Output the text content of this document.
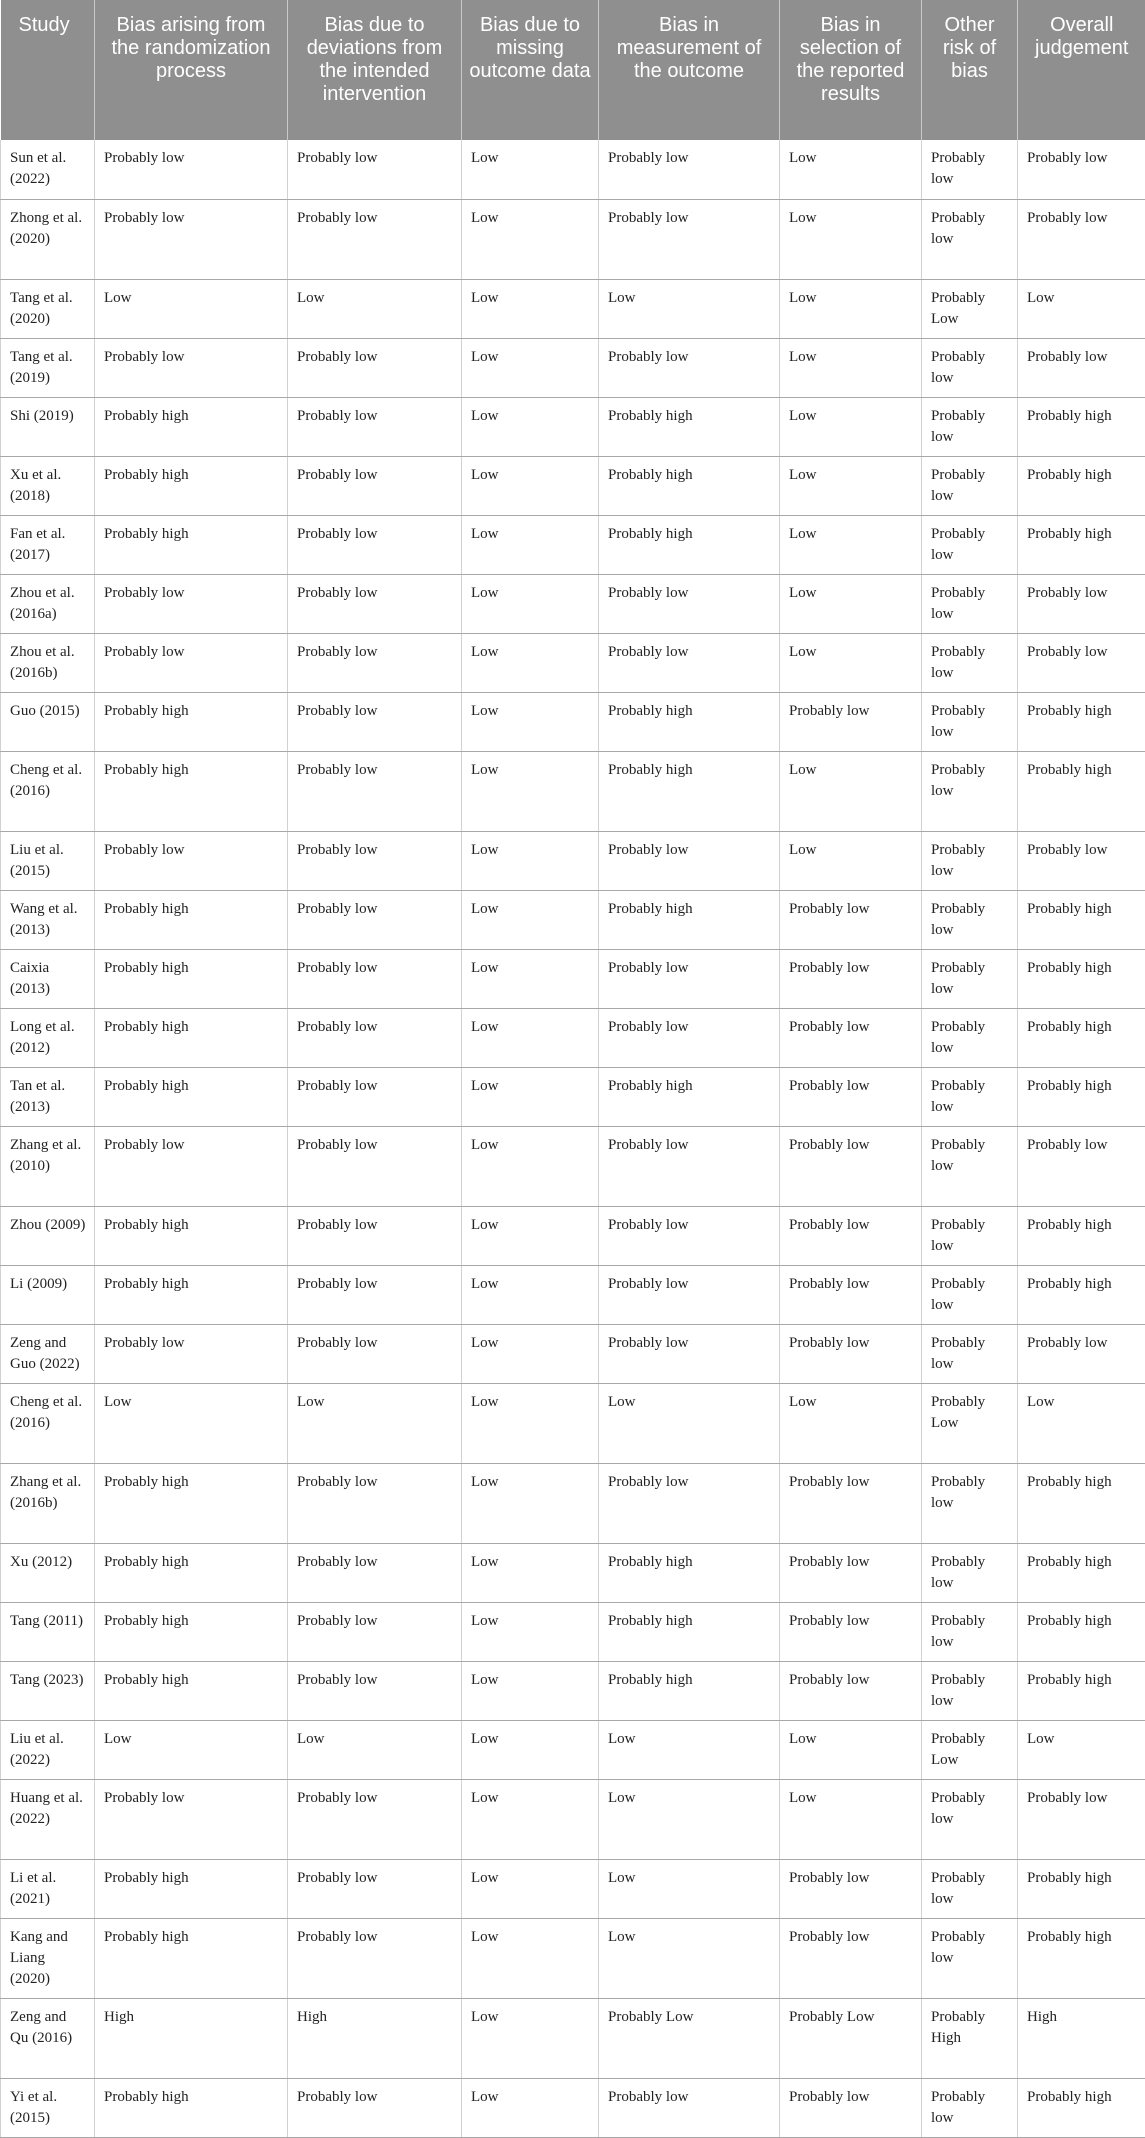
Study	Bias arising from the randomization process	Bias due to deviations from the intended intervention	Bias due to missing outcome data	Bias in measurement of the outcome	Bias in selection of the reported results	Other risk of bias	Overall judgement
Sun et al. (2022)	Probably low	Probably low	Low	Probably low	Low	Probably low	Probably low
Zhong et al. (2020)	Probably low	Probably low	Low	Probably low	Low	Probably low	Probably low
Tang et al. (2020)	Low	Low	Low	Low	Low	Probably Low	Low
Tang et al. (2019)	Probably low	Probably low	Low	Probably low	Low	Probably low	Probably low
Shi (2019)	Probably high	Probably low	Low	Probably high	Low	Probably low	Probably high
Xu et al. (2018)	Probably high	Probably low	Low	Probably high	Low	Probably low	Probably high
Fan et al. (2017)	Probably high	Probably low	Low	Probably high	Low	Probably low	Probably high
Zhou et al. (2016a)	Probably low	Probably low	Low	Probably low	Low	Probably low	Probably low
Zhou et al. (2016b)	Probably low	Probably low	Low	Probably low	Low	Probably low	Probably low
Guo (2015)	Probably high	Probably low	Low	Probably high	Probably low	Probably low	Probably high
Cheng et al. (2016)	Probably high	Probably low	Low	Probably high	Low	Probably low	Probably high
Liu et al. (2015)	Probably low	Probably low	Low	Probably low	Low	Probably low	Probably low
Wang et al. (2013)	Probably high	Probably low	Low	Probably high	Probably low	Probably low	Probably high
Caixia (2013)	Probably high	Probably low	Low	Probably low	Probably low	Probably low	Probably high
Long et al. (2012)	Probably high	Probably low	Low	Probably low	Probably low	Probably low	Probably high
Tan et al. (2013)	Probably high	Probably low	Low	Probably high	Probably low	Probably low	Probably high
Zhang et al. (2010)	Probably low	Probably low	Low	Probably low	Probably low	Probably low	Probably low
Zhou (2009)	Probably high	Probably low	Low	Probably low	Probably low	Probably low	Probably high
Li (2009)	Probably high	Probably low	Low	Probably low	Probably low	Probably low	Probably high
Zeng and Guo (2022)	Probably low	Probably low	Low	Probably low	Probably low	Probably low	Probably low
Cheng et al. (2016)	Low	Low	Low	Low	Low	Probably Low	Low
Zhang et al. (2016b)	Probably high	Probably low	Low	Probably low	Probably low	Probably low	Probably high
Xu (2012)	Probably high	Probably low	Low	Probably high	Probably low	Probably low	Probably high
Tang (2011)	Probably high	Probably low	Low	Probably high	Probably low	Probably low	Probably high
Tang (2023)	Probably high	Probably low	Low	Probably high	Probably low	Probably low	Probably high
Liu et al. (2022)	Low	Low	Low	Low	Low	Probably Low	Low
Huang et al. (2022)	Probably low	Probably low	Low	Low	Low	Probably low	Probably low
Li et al. (2021)	Probably high	Probably low	Low	Low	Probably low	Probably low	Probably high
Kang and Liang (2020)	Probably high	Probably low	Low	Low	Probably low	Probably low	Probably high
Zeng and Qu (2016)	High	High	Low	Probably Low	Probably Low	Probably High	High
Yi et al. (2015)	Probably high	Probably low	Low	Probably low	Probably low	Probably low	Probably high
